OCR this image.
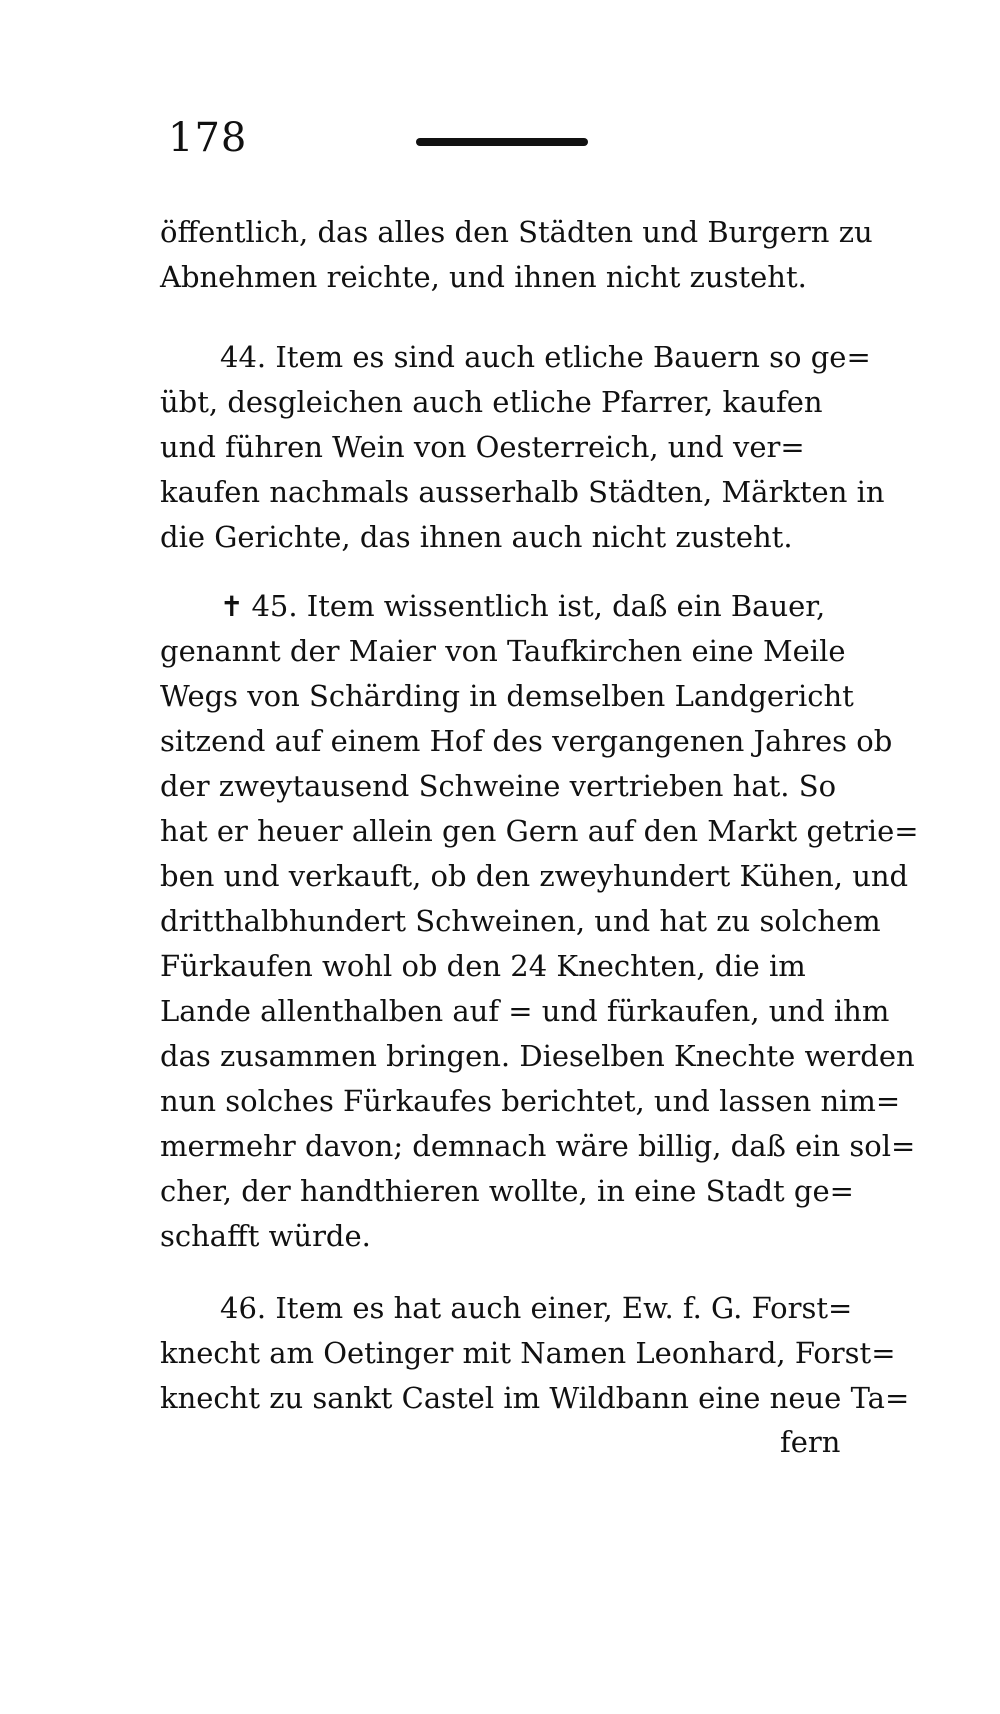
178
öffentlich, das alles den Städten und Burgern zu
Abnehmen reichte, und ihnen nicht zusteht.
44. Item es sind auch etliche Bauern so ge=
übt, desgleichen auch etliche Pfarrer, kaufen
und führen Wein von Oesterreich, und ver=
kaufen nachmals ausserhalb Städten, Märkten in
die Gerichte, das ihnen auch nicht zusteht.
✝ 45. Item wissentlich ist, daß ein Bauer,
genannt der Maier von Taufkirchen eine Meile
Wegs von Schärding in demselben Landgericht
sitzend auf einem Hof des vergangenen Jahres ob
der zweytausend Schweine vertrieben hat. So
hat er heuer allein gen Gern auf den Markt getrie=
ben und verkauft, ob den zweyhundert Kühen, und
dritthalbhundert Schweinen, und hat zu solchem
Fürkaufen wohl ob den 24 Knechten, die im
Lande allenthalben auf = und fürkaufen, und ihm
das zusammen bringen. Dieselben Knechte werden
nun solches Fürkaufes berichtet, und lassen nim=
mermehr davon; demnach wäre billig, daß ein sol=
cher, der handthieren wollte, in eine Stadt ge=
schafft würde.
46. Item es hat auch einer, Ew. f. G. Forst=
knecht am Oetinger mit Namen Leonhard, Forst=
knecht zu sankt Castel im Wildbann eine neue Ta=
fern
